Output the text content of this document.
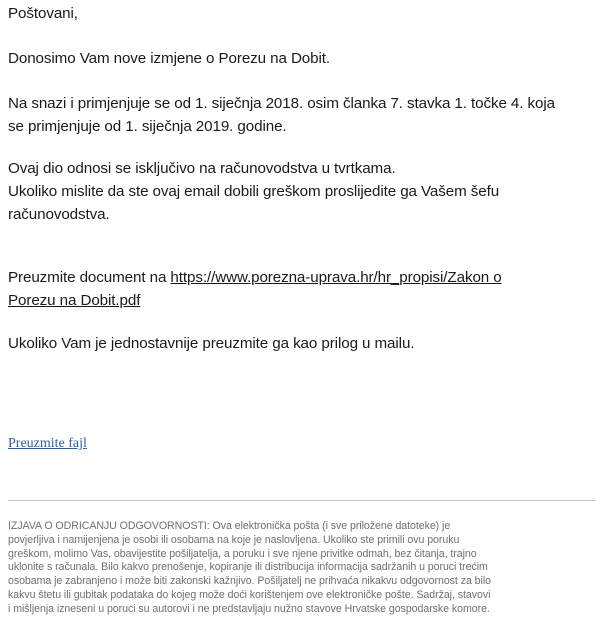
Poštovani,

Donosimo Vam nove izmjene o Porezu na Dobit.

Na snazi i primjenjuje se od 1. siječnja 2018. osim članka 7. stavka 1. točke 4. koja
se primjenjuje od 1. siječnja 2019. godine.
Ovaj dio odnosi se isključivo na računovodstva u tvrtkama.
Ukoliko mislite da ste ovaj email dobili greškom proslijedite ga Vašem šefu
računovodstva.
Preuzmite document na https://www.porezna-uprava.hr/hr_propisi/Zakon o
Porezu na Dobit.pdf

Ukoliko Vam je jednostavnije preuzmite ga kao prilog u mailu.

Preuzmite fajl
IZJAVA O ODRICANJU ODGOVORNOSTI: Ova elektronička pošta (i sve priložene datoteke) je
povjerljiva i namijenjena je osobi ili osobama na koje je naslovljena. Ukoliko ste primili ovu poruku
greškom, molimo Vas, obavijestite pošiljatelja, a poruku i sve njene privitke odmah, bez čitanja, trajno
uklonite s računala. Bilo kakvo prenošenje, kopiranje ili distribucija informacija sadržanih u poruci trećim
osobama je zabranjeno i može biti zakonski kažnjivo. Pošiljatelj ne prihvaća nikakvu odgovornost za bilo
kakvu štetu ili gubitak podataka do kojeg može doći korištenjem ove elektroničke pošte. Sadržaj, stavovi
i mišljenja izneseni u poruci su autorovi i ne predstavljaju nužno stavove Hrvatske gospodarske komore.
